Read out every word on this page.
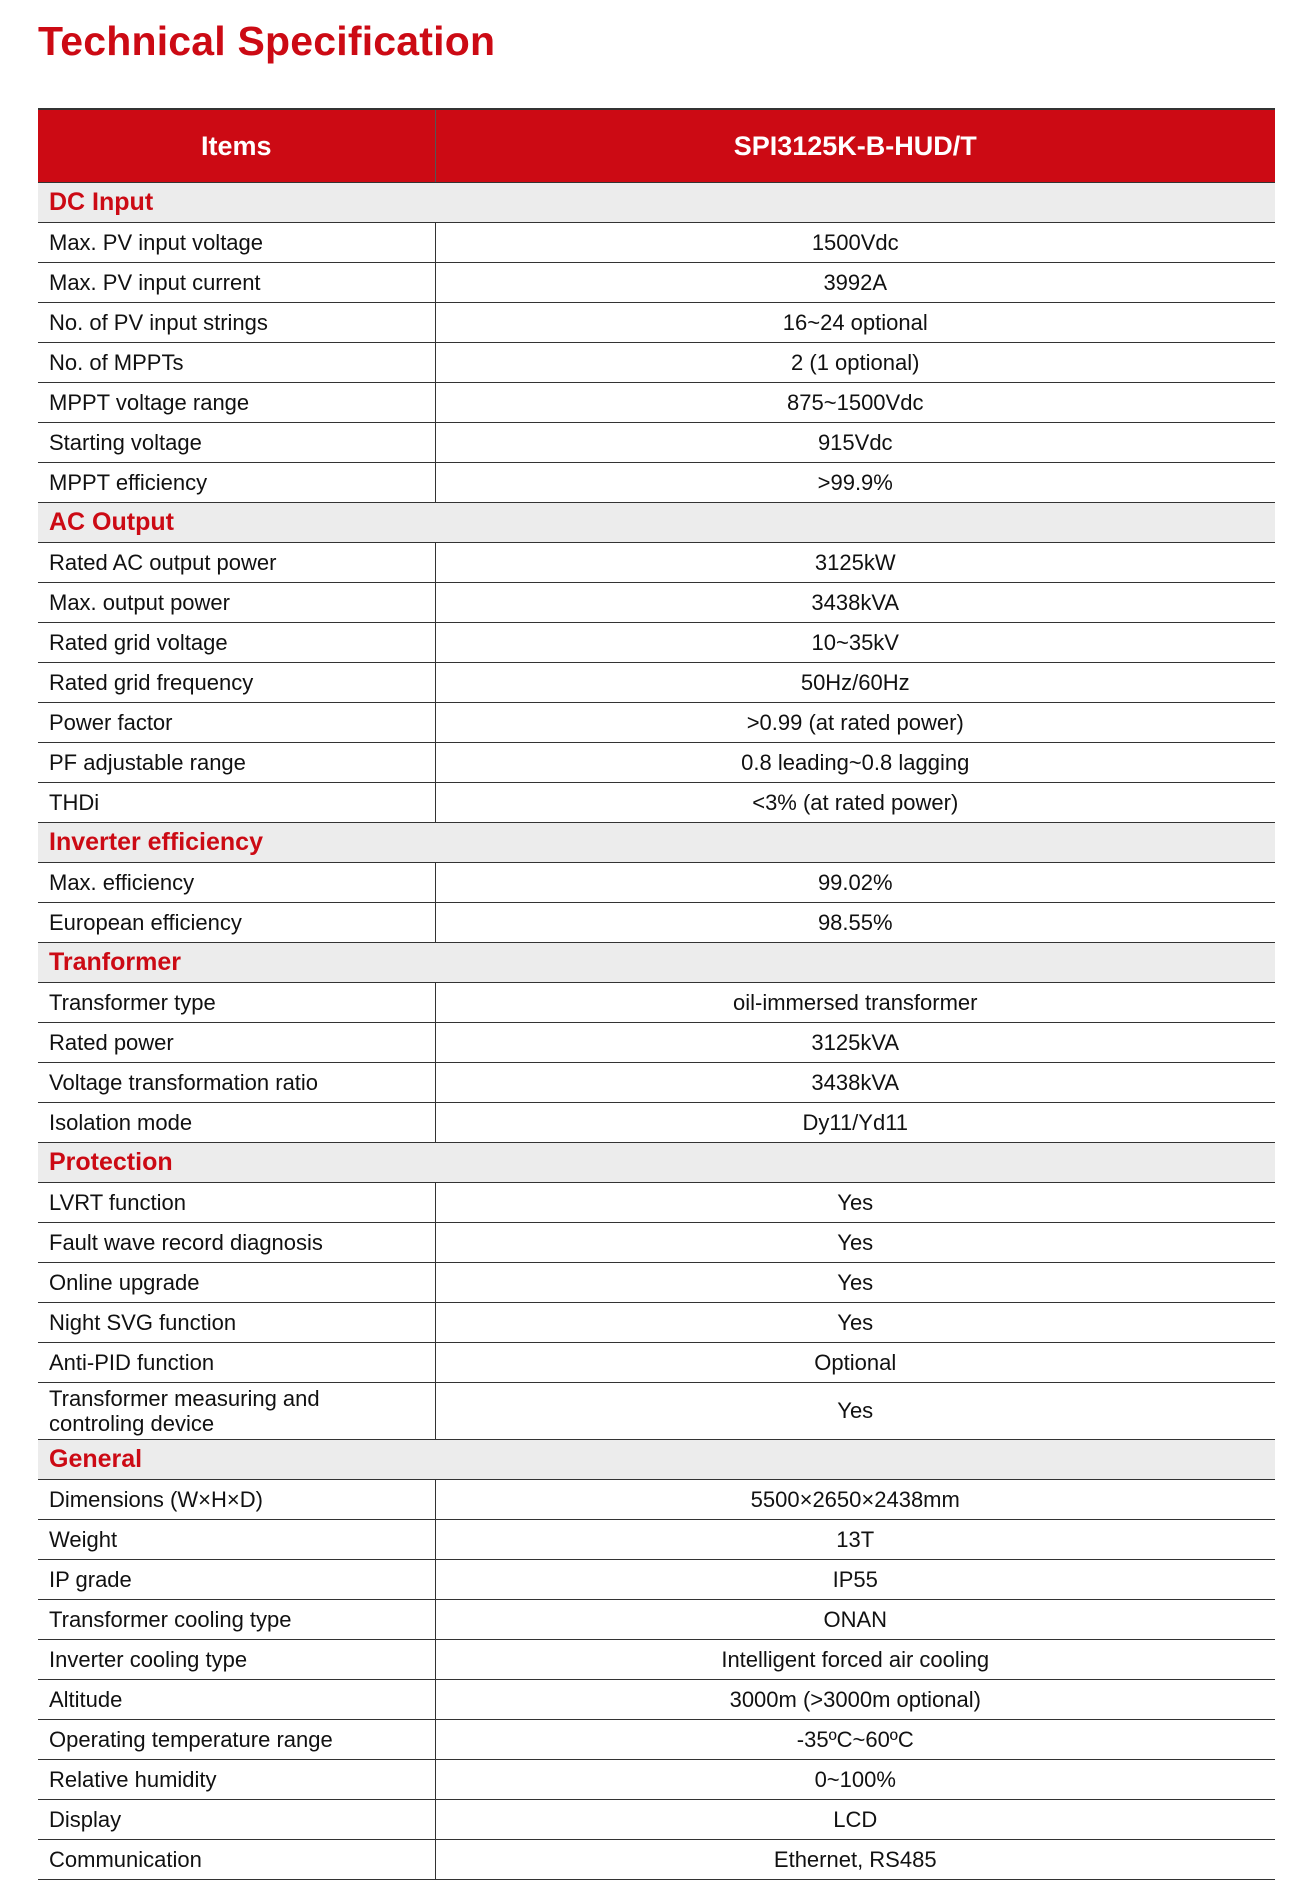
Technical Specification
Items	SPI3125K-B-HUD/T
DC Input	
Max. PV input voltage	1500Vdc
Max. PV input current	3992A
No. of PV input strings	16~24 optional
No. of MPPTs	2 (1 optional)
MPPT voltage range	875~1500Vdc
Starting voltage	915Vdc
MPPT efficiency	>99.9%
AC Output	
Rated AC output power	3125kW
Max. output power	3438kVA
Rated grid voltage	10~35kV
Rated grid frequency	50Hz/60Hz
Power factor	>0.99 (at rated power)
PF adjustable range	0.8 leading~0.8 lagging
THDi	<3% (at rated power)
Inverter efficiency	
Max. efficiency	99.02%
European efficiency	98.55%
Tranformer	
Transformer type	oil-immersed transformer
Rated power	3125kVA
Voltage transformation ratio	3438kVA
Isolation mode	Dy11/Yd11
Protection	
LVRT function	Yes
Fault wave record diagnosis	Yes
Online upgrade	Yes
Night SVG function	Yes
Anti-PID function	Optional
Transformer measuring and controling device	Yes
General	
Dimensions (W×H×D)	5500×2650×2438mm
Weight	13T
IP grade	IP55
Transformer cooling type	ONAN
Inverter cooling type	Intelligent forced air cooling
Altitude	3000m (>3000m optional)
Operating temperature range	-35ºC~60ºC
Relative humidity	0~100%
Display	LCD
Communication	Ethernet, RS485
